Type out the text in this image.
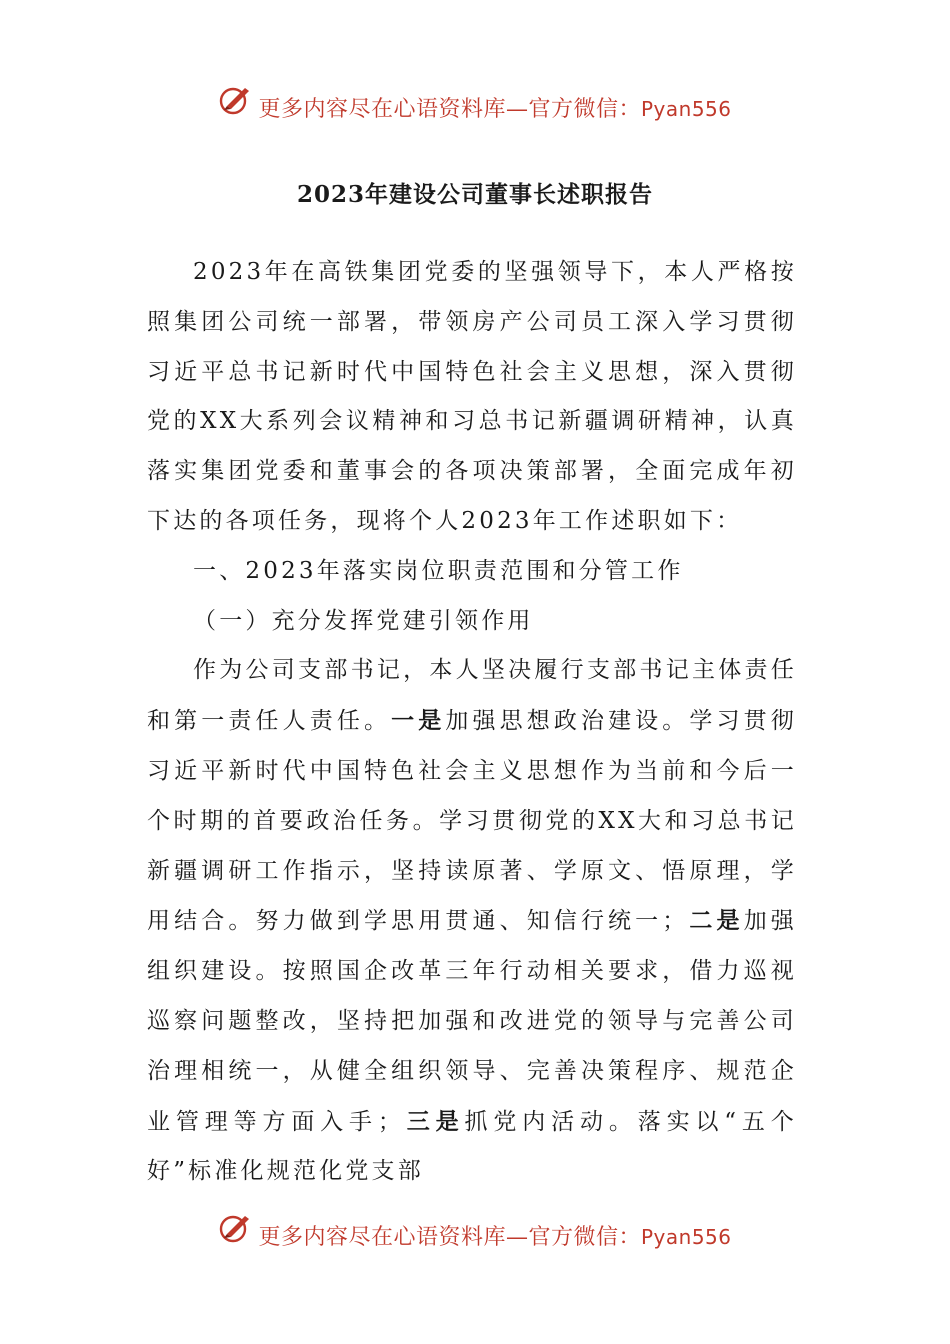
更多内容尽在心语资料库 — 官方微信： Pyan556
2023年建设公司董事长述职报告

2023年在高铁集团党委的坚强领导下，本人严格按照集团公司统一部署，带领房产公司员工深入学习贯彻习近平总书记新时代中国特色社会主义思想，深入贯彻党的XX大系列会议精神和习总书记新疆调研精神，认真落实集团党委和董事会的各项决策部署，全面完成年初下达的各项任务，现将个人2023年工作述职如下：

一、2023年落实岗位职责范围和分管工作

（一）充分发挥党建引领作用

作为公司支部书记，本人坚决履行支部书记主体责任和第一责任人责任。一是加强思想政治建设。学习贯彻习近平新时代中国特色社会主义思想作为当前和今后一个时期的首要政治任务。学习贯彻党的XX大和习总书记新疆调研工作指示，坚持读原著、学原文、悟原理，学用结合。努力做到学思用贯通、知信行统一；二是加强组织建设。按照国企改革三年行动相关要求，借力巡视巡察问题整改，坚持把加强和改进党的领导与完善公司治理相统一，从健全组织领导、完善决策程序、规范企业管理等方面入手；三是抓党内活动。落实以“五个好”标准化规范化党支部

更多内容尽在心语资料库 — 官方微信： Pyan556
